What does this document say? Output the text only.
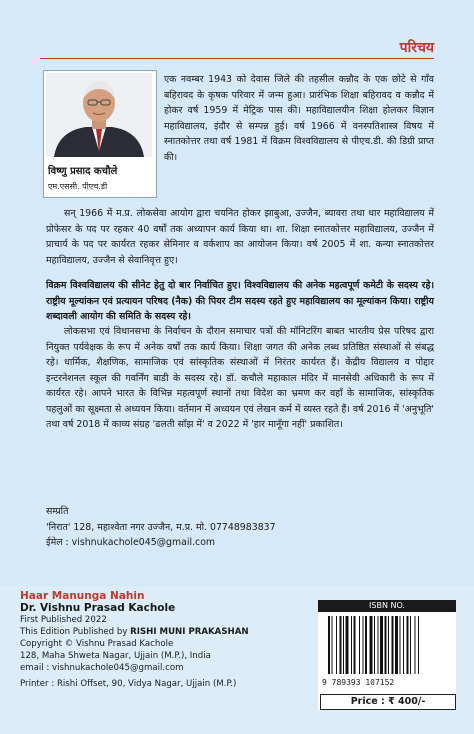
परिचय
विष्णु प्रसाद कचौले
एम.एससी. पीएच.डी
एक नवम्बर 1943 को देवास जिले की तहसील कन्नौद के एक छोटे से गाँव बहिरावद के कृषक परिवार में जन्म हुआ। प्रारंभिक शिक्षा बहिरावद व कन्नौद में होकर वर्ष 1959 में मेट्रिक पास की। महाविद्यालयीन शिक्षा होलकर विज्ञान महाविद्यालय, इंदौर से सम्पन्न हुई। वर्ष 1966 में वनस्पतिशास्त्र विषय में स्नातकोत्तर तथा वर्ष 1981 में विक्रम विश्वविद्यालय से पीएच.डी. की डिग्री प्राप्त की।
सन् 1966 में म.प्र. लोकसेवा आयोग द्वारा चयनित होकर झाबुआ, उज्जैन, ब्यावरा तथा धार महाविद्यालय में प्रोफेसर के पद पर रहकर 40 वर्षों तक अध्यापन कार्य किया था। शा. शिक्षा स्नातकोत्तर महाविद्यालय, उज्जैन में प्राचार्य के पद पर कार्यरत रहकर सेमिनार व वर्कशाप का आयोजन किया। वर्ष 2005 में शा. कन्या स्नातकोत्तर महाविद्यालय, उज्जैन से सेवानिवृत्त हुए।
विक्रम विश्वविद्यालय की सीनेट हेतु दो बार निर्वाचित हुए। विश्वविद्यालय की अनेक महत्वपूर्ण कमेटी के सदस्य रहे। राष्ट्रीय मूल्यांकन एवं प्रत्यायन परिषद (नैक) की पियर टीम सदस्य रहते हुए महाविद्यालय का मूल्यांकन किया। राष्ट्रीय शब्दावली आयोग की समिति के सदस्य रहे।
लोकसभा एवं विधानसभा के निर्वाचन के दौरान समाचार पत्रों की मॉनिटरिंग बाबत भारतीय प्रेस परिषद द्वारा नियुक्त पर्यवेक्षक के रूप में अनेक वर्षों तक कार्य किया। शिक्षा जगत की अनेक लब्ध प्रतिष्ठित संस्थाओं से संबद्ध रहे। धार्मिक, शैक्षणिक, सामाजिक एवं सांस्कृतिक संस्थाओं में निरंतर कार्यरत हैं। केंद्रीय विद्यालय व पोद्दार इन्टरनेशनल स्कूल की गवर्निंग बाडी के सदस्य रहे। डॉ. कचौले महाकाल मंदिर में मानसेवी अधिकारी के रूप में कार्यरत रहे। आपने भारत के विभिन्न महत्वपूर्ण स्थानों तथा विदेश का भ्रमण कर वहाँ के सामाजिक, सांस्कृतिक पहलुओं का सूक्ष्मता से अध्ययन किया। वर्तमान में अध्ययन एवं लेखन कर्म में व्यस्त रहते हैं। वर्ष 2016 में 'अनुभूति' तथा वर्ष 2018 में काव्य संग्रह 'ढलती साँझ में' व 2022 में 'हार मानूँगा नहीं' प्रकाशित।
सम्प्रति
'निरात' 128, महाश्वेता नगर उज्जैन, म.प्र. मो. 07748983837
ईमेल : vishnukachole045@gmail.com
Haar Manunga Nahin
Dr. Vishnu Prasad Kachole
First Published 2022
This Edition Published by RISHI MUNI PRAKASHAN
Copyright © Vishnu Prasad Kachole
128, Maha Shweta Nagar, Ujjain (M.P.), India
email : vishnukachole045@gmail.com
Printer : Rishi Offset, 90, Vidya Nagar, Ujjain (M.P.)
ISBN NO.
9 789393 107152
Price : ₹ 400/-
